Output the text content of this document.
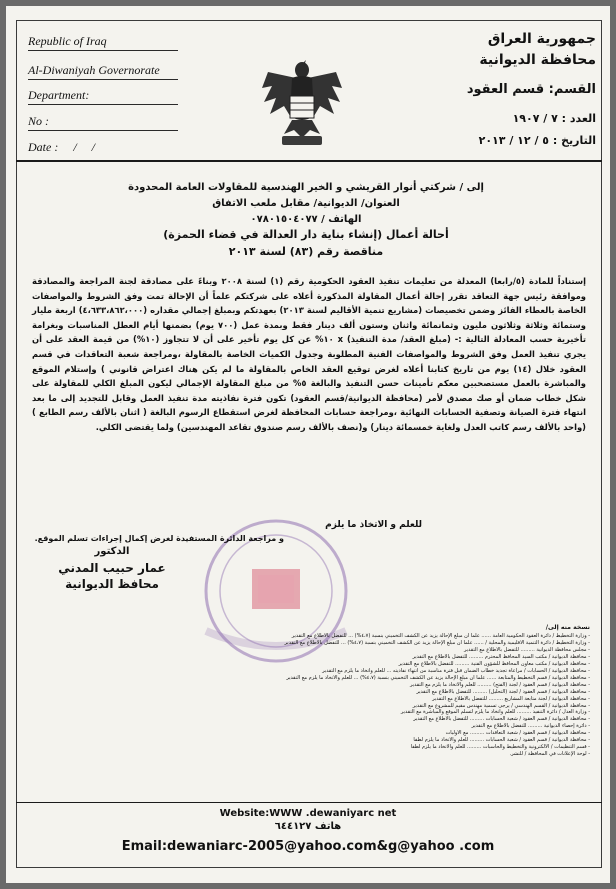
Republic of Iraq
Al-Diwaniyah Governorate
Department:
No :
Date :     /     /
جمهورية العراق
محافظة الديوانية
القسم: قسم العقود
العدد : ٧ / ١٩٠٧
التاريخ : ٥ / ١٢ / ٢٠١٣
إلى / شركتي أنوار القريشي و الخير الهندسية للمقاولات العامة المحدودة
العنوان/ الديوانية/ مقابل ملعب الاتفاق
الهاتف / ٠٧٨٠١٥٠٤٠٧٧
أحالة أعمال (إنشاء بناية دار العدالة في قضاء الحمزة)
مناقصة رقم (٨٣) لسنة ٢٠١٣

إستناداً للمادة (٥/رابعا) المعدلة من تعليمات تنفيذ العقود الحكومية رقم (١) لسنة ٢٠٠٨ وبناءً على مصادقة لجنة المراجعة والمصادقة وموافقة رئيس جهة التعاقد تقرر إحالة أعمال المقاولة المذكورة أعلاه على شركتكم علماً أن الإحالة تمت وفق الشروط والمواصفات الخاصة بالعطاء الفائز وضمن تخصيصات (مشاريع تنمية الأقاليم لسنة ٢٠١٣) بعهدتكم وبمبلغ إجمالي مقداره (٤،٦٣٣،٨٦٢،٠٠٠) اربعة مليار وستمائة وثلاثة وثلاثون مليون وثمانمائة واثنان وستون ألف دينار فقط وبمدة عمل (٧٠٠ يوم) بضمنها أيام العطل المناسبات وبغرامة تأخيرية حسب المعادلة التالية :- (مبلغ العقد/ مدة التنفيذ) x ١٠% عن كل يوم تأخير على أن لا تتجاوز (١٠%) من قيمة العقد على أن يجري تنفيذ العمل وفق الشروط والمواصفات الفنية المطلوبة وجدول الكميات الخاصة بالمقاولة ،ومراجعة شعبة التعاقدات في قسم العقود خلال (١٤) يوم من تاريخ كتابنا أعلاه لغرض توقيع العقد الخاص بالمقاولة ما لم يكن هناك اعتراض قانوني ) وإستلام الموقع والمباشرة بالعمل مستصحبين معكم تأمينات حسن التنفيذ والبالغة ٥% من مبلغ المقاولة الإجمالي ليكون المبلغ الكلي للمقاولة على شكل خطاب ضمان أو صك مصدق لأمر (محافظة الديوانية/قسم العقود) تكون فترة نفاذيته مدة تنفيذ العمل وقابل للتجديد إلى ما بعد انتهاء فترة الصيانة وتصفية الحسابات النهائية ،ومراجعة حسابات المحافظة لغرض استقطاع الرسوم البالغة ( اثنان بالألف رسم الطابع ) (واحد بالألف رسم كاتب العدل ولغاية خمسمائة دينار) و(نصف بالألف رسم صندوق تقاعد المهندسين) ولما يقتضى الكلي.

للعلم و الاتخاذ ما يلزم
و مراجعة الدائرة المستفيدة لغرض إكمال إجراءات تسلم الموقع.
الدكتور
عمار حبيب المدني
محافظ الديوانية
نسخة منه إلى/
- وزارة التخطيط / دائرة العقود الحكومية العامة ...... علما ان مبلغ الإحالة يزيد عن الكشف التخميني بنسبة (٤،٧%) ... للتفضل بالاطلاع مع التقدير
- وزارة التخطيط / دائرة التنمية الاقليمية والمحلية / ...... علما ان مبلغ الإحالة يزيد عن الكشف التخميني بنسبة (٤،٧%) ... للتفضل بالاطلاع مع التقدير
- مجلس محافظة الديوانية ......... للتفضل بالاطلاع مع التقدير
- محافظة الديوانية / مكتب السيد المحافظ المحترم ......... للتفضل بالاطلاع مع التقدير
- محافظة الديوانية / مكتب معاون المحافظ للشؤون الفنية ......... للتفضل بالاطلاع مع التقدير
- محافظة الديوانية / الحسابات / مراعاة تجديد خطاب الضمان قبل فترة مناسبة من انتهاء نفاذيته ... للعلم واتخاذ ما يلزم مع التقدير
- محافظة الديوانية / قسم التخطيط والمتابعة ...... علما ان مبلغ الإحالة يزيد عن الكشف التخميني بنسبة (٤،٧%) ... للعلم والاتخاذ ما يلزم مع التقدير
- محافظة الديوانية / قسم العقود / لجنة (الفتح) ......... للعلم والاتخاذ ما يلزم مع التقدير
- محافظة الديوانية / قسم العقود / لجنة (التحليل) ......... للتفضل بالاطلاع مع التقدير
- محافظة الديوانية / لجنة متابعة المشاريع ......... للتفضل بالاطلاع مع التقدير
- محافظة الديوانية / القسم الهندسي / يرجى تسمية مهندس مقيم للمشروع مع التقدير
- وزارة العدل / دائرة التنفيذ ......... للعلم واتخاذ ما يلزم لتسلم الموقع والمباشرة مع التقدير
- محافظة الديوانية / قسم العقود / شعبة الحسابات ......... للتفضل بالاطلاع مع التقدير
- دائرة إحصاء الديوانية ......... للتفضل بالاطلاع مع التقدير
- محافظة الديوانية / قسم العقود / شعبة التعاقدات ......... مع الأوليات
- محافظة الديوانية / قسم العقود / شعبة الحسابات ......... للعلم والاتخاذ ما يلزم لطفاً
- قسم التنظيمات / الالكترونية والتخطيط والحاسبات ......... للعلم والاتخاذ ما يلزم لطفاً
- لوحة الإعلانات في المحافظة / للنشر.
Website:WWW .dewaniyarc net
هاتف ٦٤٤١٢٧
Email:dewaniarc-2005@yahoo.com&g@yahoo .com
